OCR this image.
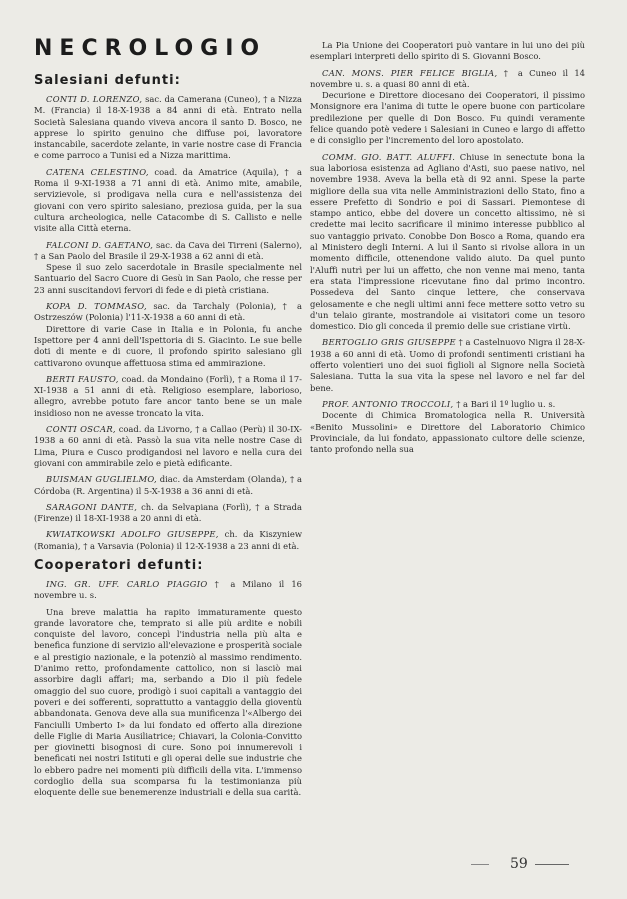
NECROLOGIO
Salesiani defunti:

CONTI D. LORENZO, sac. da Camerana (Cuneo), † a Nizza M. (Francia) il 18-X-1938 a 84 anni di età. Entrato nella Società Salesiana quando viveva ancora il santo D. Bosco, ne apprese lo spirito genuino che diffuse poi, lavoratore instancabile, sacerdote zelante, in varie nostre case di Francia e come parroco a Tunisi ed a Nizza marittima.

CATENA CELESTINO, coad. da Amatrice (Aquila), † a Roma il 9-XI-1938 a 71 anni di età. Animo mite, amabile, servizievole, si prodigava nella cura e nell'assistenza dei giovani con vero spirito salesiano, preziosa guida, per la sua cultura archeologica, nelle Catacombe di S. Callisto e nelle visite alla Città eterna.

FALCONI D. GAETANO, sac. da Cava dei Tirreni (Salerno), † a San Paolo del Brasile il 29-X-1938 a 62 anni di età.

Spese il suo zelo sacerdotale in Brasile specialmente nel Santuario del Sacro Cuore di Gesù in San Paolo, che resse per 23 anni suscitandovi fervori di fede e di pietà cristiana.

KOPA D. TOMMASO, sac. da Tarchaly (Polonia), † a Ostrzeszów (Polonia) l'11-X-1938 a 60 anni di età.

Direttore di varie Case in Italia e in Polonia, fu anche Ispettore per 4 anni dell'Ispettoria di S. Giacinto. Le sue belle doti di mente e di cuore, il profondo spirito salesiano gli cattivarono ovunque affettuosa stima ed ammirazione.

BERTI FAUSTO, coad. da Mondaino (Forlì), † a Roma il 17-XI-1938 a 51 anni di età. Religioso esemplare, laborioso, allegro, avrebbe potuto fare ancor tanto bene se un male insidioso non ne avesse troncato la vita.

CONTI OSCAR, coad. da Livorno, † a Callao (Perù) il 30-IX-1938 a 60 anni di età. Passò la sua vita nelle nostre Case di Lima, Piura e Cusco prodigandosi nel lavoro e nella cura dei giovani con ammirabile zelo e pietà edificante.

BUISMAN GUGLIELMO, diac. da Amsterdam (Olanda), † a Córdoba (R. Argentina) il 5-X-1938 a 36 anni di età.

SARAGONI DANTE, ch. da Selvapiana (Forlì), † a Strada (Firenze) il 18-XI-1938 a 20 anni di età.

KWIATKOWSKI ADOLFO GIUSEPPE, ch. da Kiszyniew (Romania), † a Varsavia (Polonia) il 12-X-1938 a 23 anni di età.

Cooperatori defunti:

ING. GR. UFF. CARLO PIAGGIO † a Milano il 16 novembre u. s.

Una breve malattia ha rapito immaturamente questo grande lavoratore che, temprato si alle più ardite e nobili conquiste del lavoro, concepì l'industria nella più alta e benefica funzione di servizio all'elevazione e prosperità sociale e al prestigio nazionale, e la potenziò al massimo rendimento. D'animo retto, profondamente cattolico, non si lasciò mai assorbire dagli affari; ma, serbando a Dio il più fedele omaggio del suo cuore, prodigò i suoi capitali a vantaggio dei poveri e dei sofferenti, soprattutto a vantaggio della gioventù abbandonata. Genova deve alla sua munificenza l'«Albergo dei Fanciulli Umberto I» da lui fondato ed offerto alla direzione delle Figlie di Maria Ausiliatrice; Chiavari, la Colonia-Convitto per giovinetti bisognosi di cure. Sono poi innumerevoli i beneficati nei nostri Istituti e gli operai delle sue industrie che lo ebbero padre nei momenti più difficili della vita. L'immenso cordoglio della sua scomparsa fu la testimonianza più eloquente delle sue benemerenze industriali e della sua carità.

La Pia Unione dei Cooperatori può vantare in lui uno dei più esemplari interpreti dello spirito di S. Giovanni Bosco.

CAN. MONS. PIER FELICE BIGLIA, † a Cuneo il 14 novembre u. s. a quasi 80 anni di età.

Decurione e Direttore diocesano dei Cooperatori, il pissimo Monsignore era l'anima di tutte le opere buone con particolare predilezione per quelle di Don Bosco. Fu quindi veramente felice quando potè vedere i Salesiani in Cuneo e largo di affetto e di consiglio per l'incremento del loro apostolato.

COMM. GIO. BATT. ALUFFI. Chiuse in senectute bona la sua laboriosa esistenza ad Agliano d'Asti, suo paese nativo, nel novembre 1938. Aveva la bella età di 92 anni. Spese la parte migliore della sua vita nelle Amministrazioni dello Stato, fino a essere Prefetto di Sondrio e poi di Sassari. Piemontese di stampo antico, ebbe del dovere un concetto altissimo, nè si credette mai lecito sacrificare il minimo interesse pubblico al suo vantaggio privato. Conobbe Don Bosco a Roma, quando era al Ministero degli Interni. A lui il Santo si rivolse allora in un momento difficile, ottenendone valido aiuto. Da quel punto l'Aluffi nutrì per lui un affetto, che non venne mai meno, tanta era stata l'impressione ricevutane fino dal primo incontro. Possedeva del Santo cinque lettere, che conservava gelosamente e che negli ultimi anni fece mettere sotto vetro su d'un telaio girante, mostrandole ai visitatori come un tesoro domestico. Dio gli conceda il premio delle sue cristiane virtù.

BERTOGLIO GRIS GIUSEPPE † a Castelnuovo Nigra il 28-X-1938 a 60 anni di età. Uomo di profondi sentimenti cristiani ha offerto volentieri uno dei suoi figlioli al Signore nella Società Salesiana. Tutta la sua vita la spese nel lavoro e nel far del bene.

PROF. ANTONIO TROCCOLI, † a Bari il 1º luglio u. s.

Docente di Chimica Bromatologica nella R. Università «Benito Mussolini» e Direttore del Laboratorio Chimico Provinciale, da lui fondato, appassionato cultore delle scienze, tanto profondo nella sua

59
